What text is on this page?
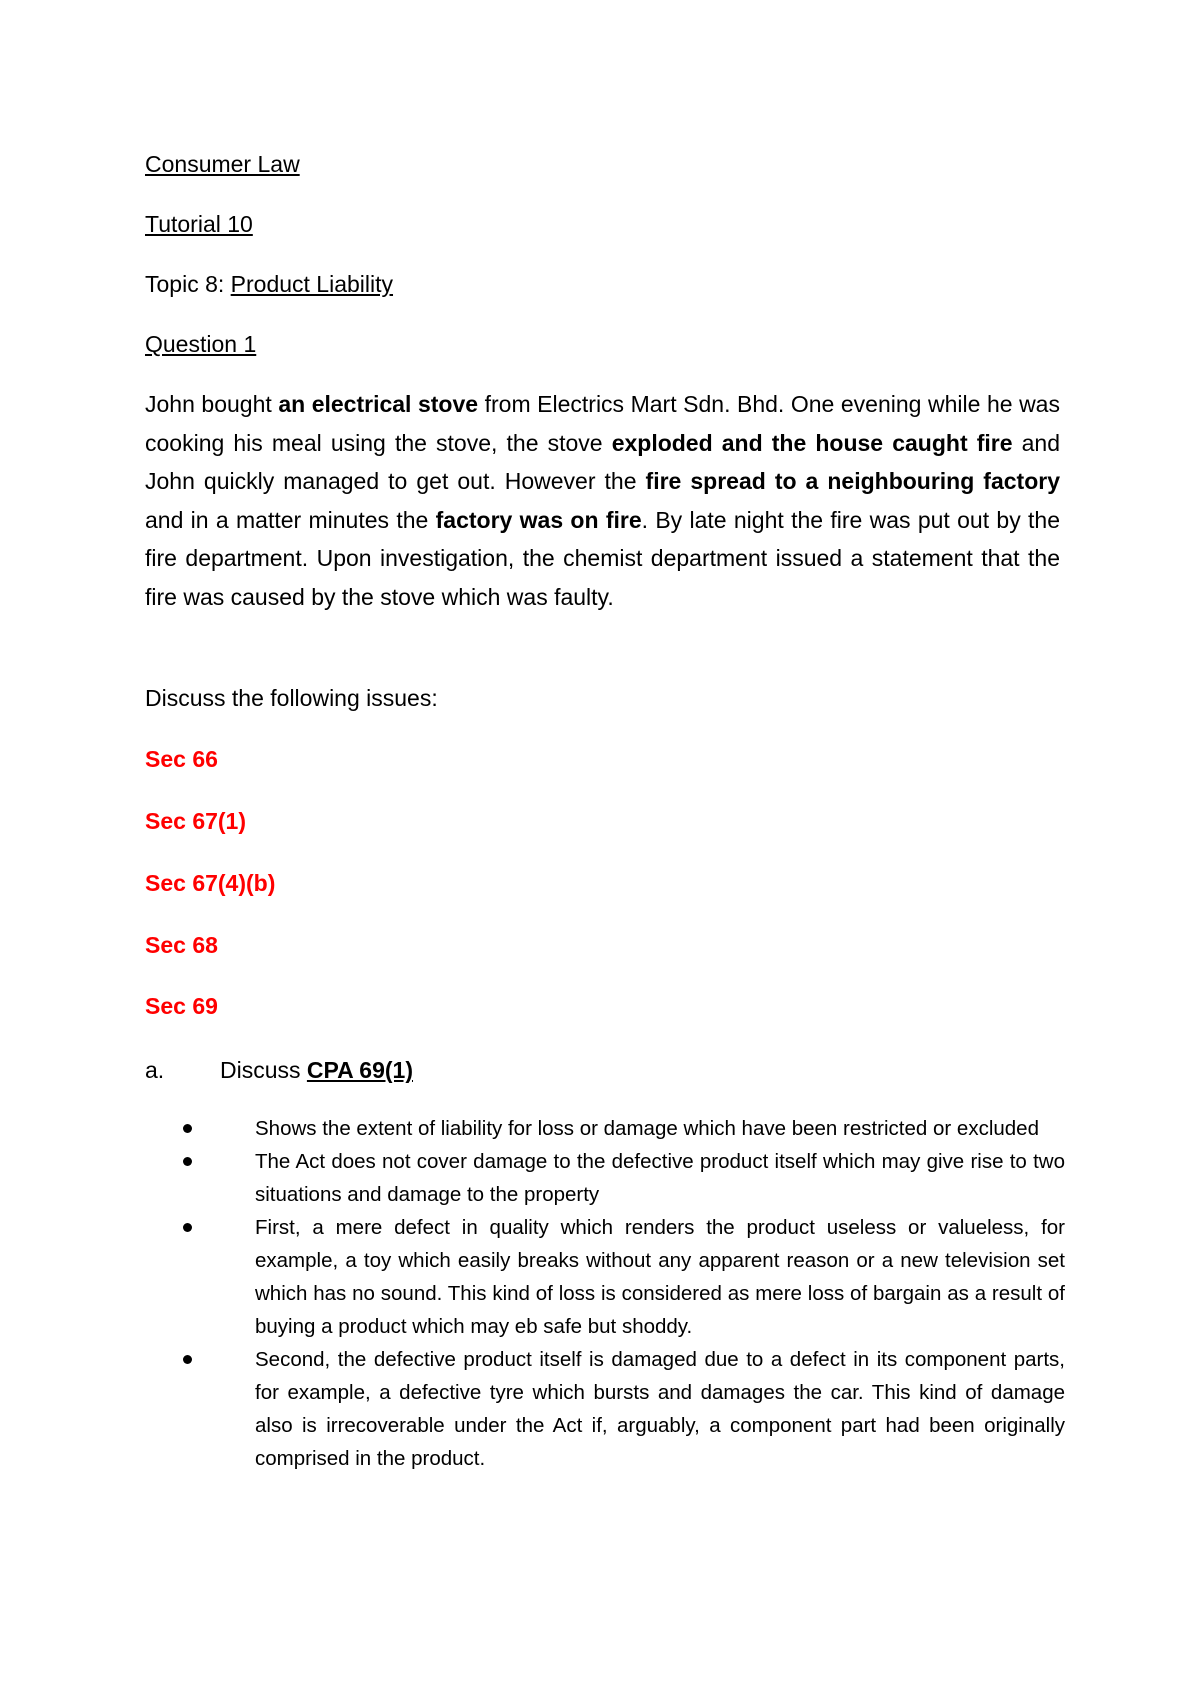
Consumer Law
Tutorial 10
Topic 8: Product Liability
Question 1
John bought an electrical stove from Electrics Mart Sdn. Bhd. One evening while he was cooking his meal using the stove, the stove exploded and the house caught fire and John quickly managed to get out. However the fire spread to a neighbouring factory and in a matter minutes the factory was on fire. By late night the fire was put out by the fire department. Upon investigation, the chemist department issued a statement that the fire was caused by the stove which was faulty.
Discuss the following issues:
Sec 66
Sec 67(1)
Sec 67(4)(b)
Sec 68
Sec 69
a. Discuss CPA 69(1)
Shows the extent of liability for loss or damage which have been restricted or excluded
The Act does not cover damage to the defective product itself which may give rise to two situations and damage to the property
First, a mere defect in quality which renders the product useless or valueless, for example, a toy which easily breaks without any apparent reason or a new television set which has no sound. This kind of loss is considered as mere loss of bargain as a result of buying a product which may eb safe but shoddy.
Second, the defective product itself is damaged due to a defect in its component parts, for example, a defective tyre which bursts and damages the car. This kind of damage also is irrecoverable under the Act if, arguably, a component part had been originally comprised in the product.
